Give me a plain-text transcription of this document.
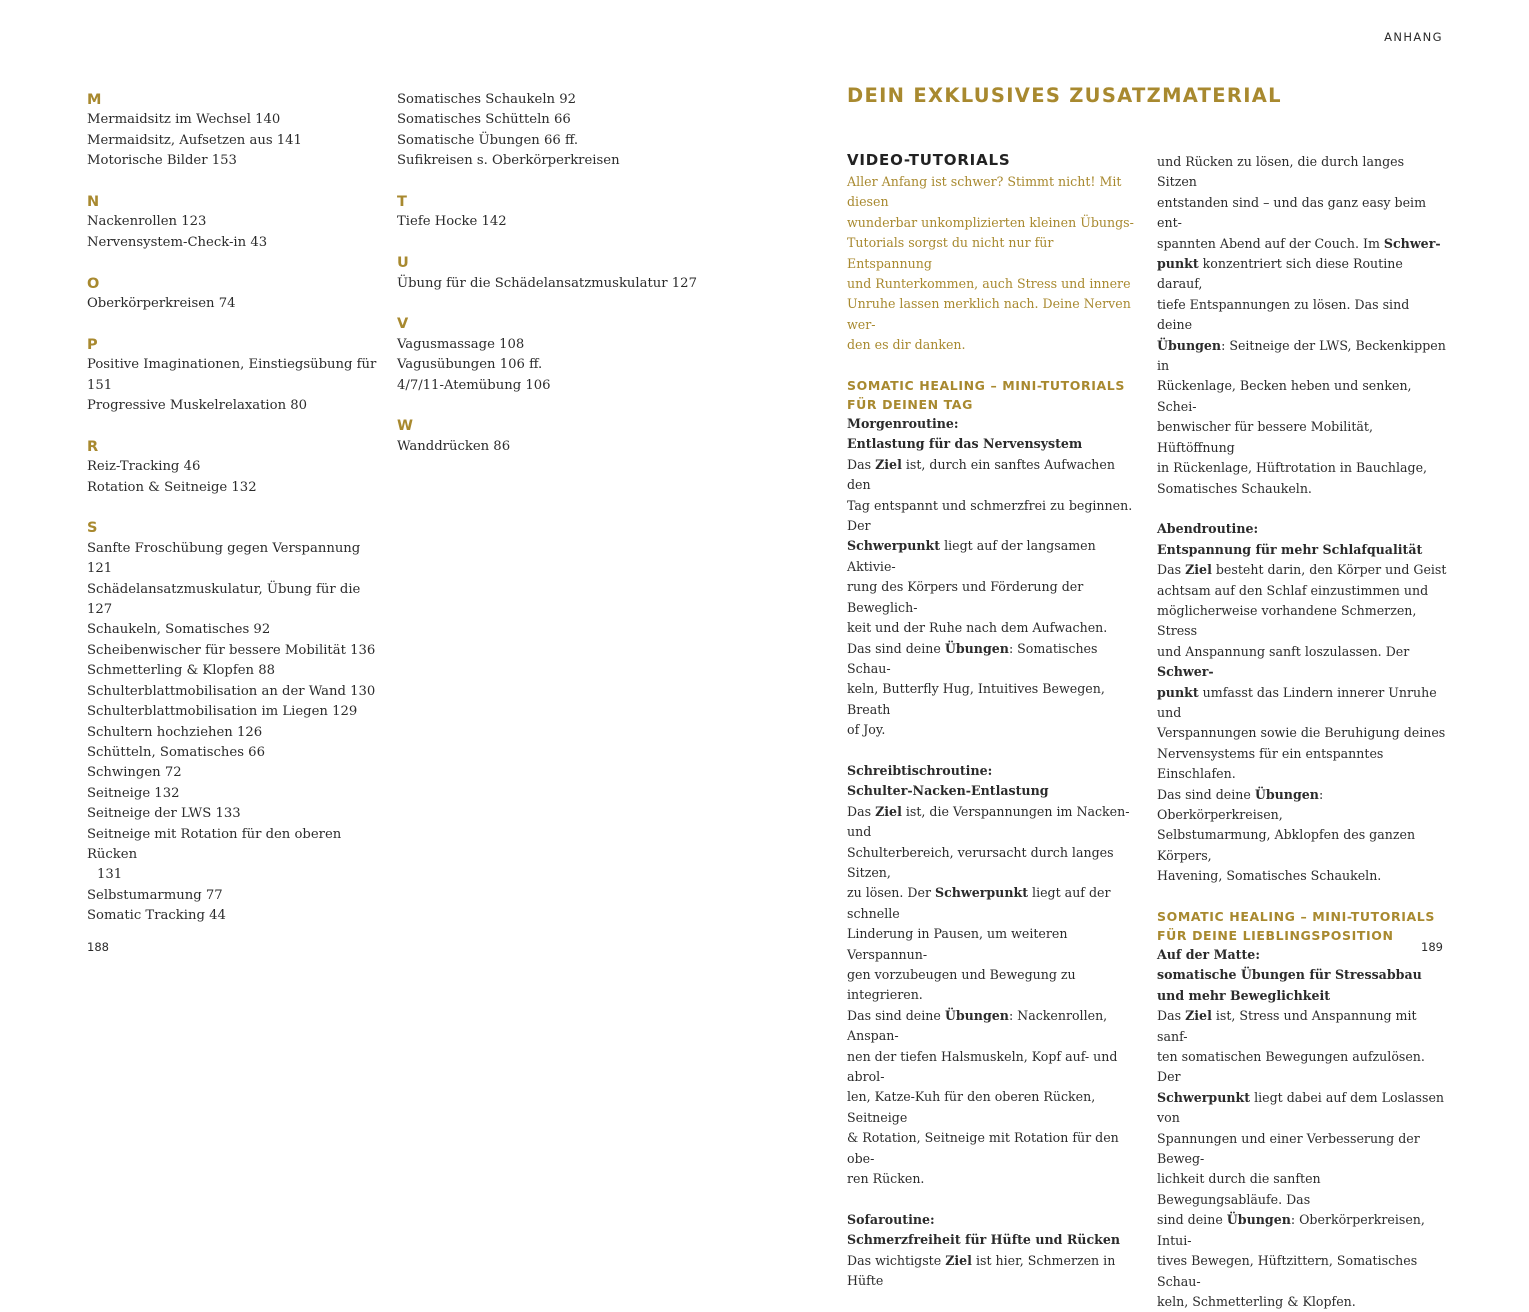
ANHANG
188	189

M

Mermaidsitz im Wechsel 140

Mermaidsitz, Aufsetzen aus 141

Motorische Bilder 153

N

Nackenrollen 123

Nervensystem-Check-in 43

O

Oberkörperkreisen 74

P

Positive Imaginationen, Einstiegsübung für 151

Progressive Muskelrelaxation 80

R

Reiz-Tracking 46

Rotation & Seitneige 132

S

Sanfte Froschübung gegen Verspannung 121

Schädelansatzmuskulatur, Übung für die 127

Schaukeln, Somatisches 92

Scheibenwischer für bessere Mobilität 136

Schmetterling & Klopfen 88

Schulterblattmobilisation an der Wand 130

Schulterblattmobilisation im Liegen 129

Schultern hochziehen 126

Schütteln, Somatisches 66

Schwingen 72

Seitneige 132

Seitneige der LWS 133

Seitneige mit Rotation für den oberen Rücken

131

Selbstumarmung 77

Somatic Tracking 44

Somatisches Schaukeln 92

Somatisches Schütteln 66

Somatische Übungen 66 ff.

Sufikreisen s. Oberkörperkreisen

T

Tiefe Hocke 142

U

Übung für die Schädelansatzmuskulatur 127

V

Vagusmassage 108

Vagusübungen 106 ff.

4/7/11-Atemübung 106

W

Wanddrücken 86

DEIN EXKLUSIVES ZUSATZMATERIAL
VIDEO-TUTORIALS
Aller Anfang ist schwer? Stimmt nicht! Mit diesen
wunderbar unkomplizierten kleinen Übungs-
Tutorials sorgst du nicht nur für Entspannung
und Runterkommen, auch Stress und innere
Unruhe lassen merklich nach. Deine Nerven wer-
den es dir danken.
SOMATIC HEALING – MINI-TUTORIALS
FÜR DEINEN TAG

Morgenroutine:

Entlastung für das Nervensystem

Das Ziel ist, durch ein sanftes Aufwachen den
Tag entspannt und schmerzfrei zu beginnen. Der
Schwerpunkt liegt auf der langsamen Aktivie-
rung des Körpers und Förderung der Beweglich-
keit und der Ruhe nach dem Aufwachen.
Das sind deine Übungen: Somatisches Schau-
keln, Butterfly Hug, Intuitives Bewegen, Breath
of Joy.

Schreibtischroutine:

Schulter-Nacken-Entlastung

Das Ziel ist, die Verspannungen im Nacken- und
Schulterbereich, verursacht durch langes Sitzen,
zu lösen. Der Schwerpunkt liegt auf der schnelle
Linderung in Pausen, um weiteren Verspannun-
gen vorzubeugen und Bewegung zu integrieren.
Das sind deine Übungen: Nackenrollen, Anspan-
nen der tiefen Halsmuskeln, Kopf auf- und abrol-
len, Katze-Kuh für den oberen Rücken, Seitneige
& Rotation, Seitneige mit Rotation für den obe-
ren Rücken.

Sofaroutine:

Schmerzfreiheit für Hüfte und Rücken

Das wichtigste Ziel ist hier, Schmerzen in Hüfte
und Rücken zu lösen, die durch langes Sitzen
entstanden sind – und das ganz easy beim ent-
spannten Abend auf der Couch. Im Schwer-
punkt konzentriert sich diese Routine darauf,
tiefe Entspannungen zu lösen. Das sind deine
Übungen: Seitneige der LWS, Beckenkippen in
Rückenlage, Becken heben und senken, Schei-
benwischer für bessere Mobilität, Hüftöffnung
in Rückenlage, Hüftrotation in Bauchlage,
Somatisches Schaukeln.

Abendroutine:

Entspannung für mehr Schlafqualität

Das Ziel besteht darin, den Körper und Geist
achtsam auf den Schlaf einzustimmen und
möglicherweise vorhandene Schmerzen, Stress
und Anspannung sanft loszulassen. Der Schwer-
punkt umfasst das Lindern innerer Unruhe und
Verspannungen sowie die Beruhigung deines
Nervensystems für ein entspanntes Einschlafen.
Das sind deine Übungen: Oberkörperkreisen,
Selbstumarmung, Abklopfen des ganzen Körpers,
Havening, Somatisches Schaukeln.
SOMATIC HEALING – MINI-TUTORIALS
FÜR DEINE LIEBLINGSPOSITION

Auf der Matte:

somatische Übungen für Stressabbau
und mehr Beweglichkeit
Das Ziel ist, Stress und Anspannung mit sanf-
ten somatischen Bewegungen aufzulösen. Der
Schwerpunkt liegt dabei auf dem Loslassen von
Spannungen und einer Verbesserung der Beweg-
lichkeit durch die sanften Bewegungsabläufe. Das
sind deine Übungen: Oberkörperkreisen, Intui-
tives Bewegen, Hüftzittern, Somatisches Schau-
keln, Schmetterling & Klopfen.
